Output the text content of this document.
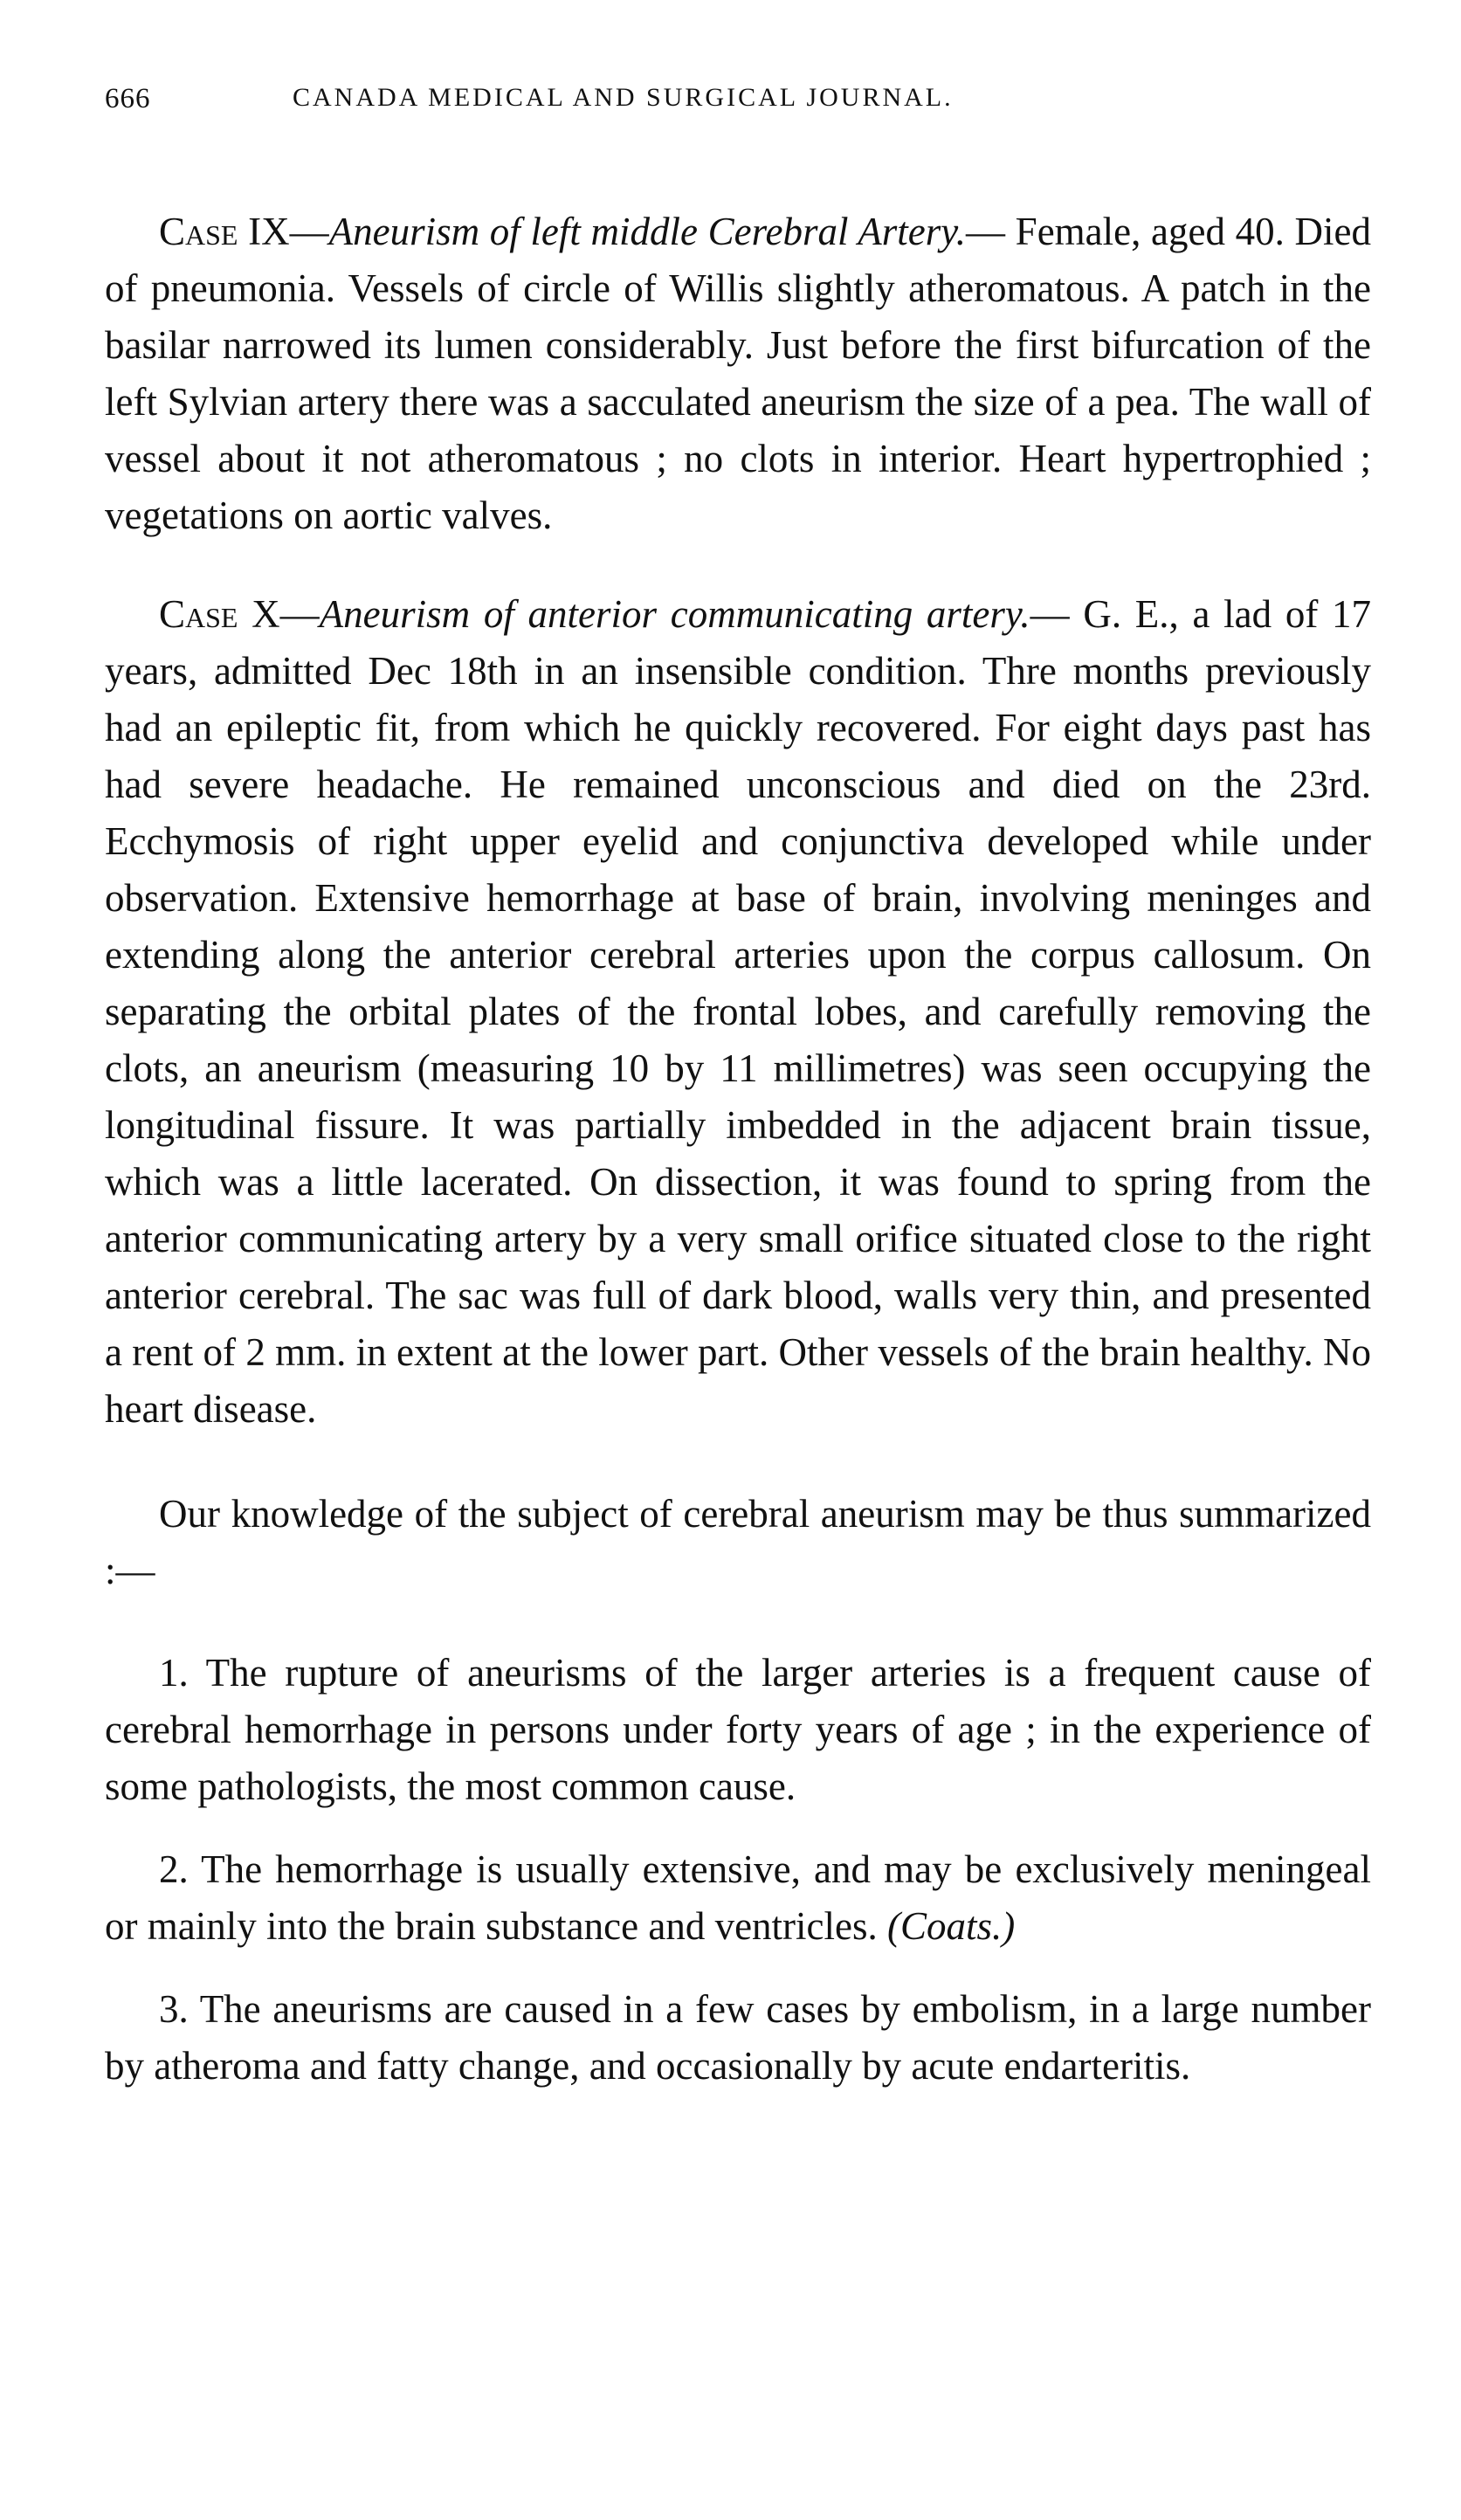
666	CANADA MEDICAL AND SURGICAL JOURNAL.

Case IX—Aneurism of left middle Cerebral Artery.— Female, aged 40. Died of pneumonia. Vessels of circle of Willis slightly atheromatous. A patch in the basilar narrowed its lumen considerably. Just before the first bifurcation of the left Sylvian artery there was a sacculated aneurism the size of a pea. The wall of vessel about it not atheromatous ; no clots in interior. Heart hypertrophied ; vegetations on aortic valves.

Case X—Aneurism of anterior communicating artery.— G. E., a lad of 17 years, admitted Dec 18th in an insensible condition. Thre months previously had an epileptic fit, from which he quickly recovered. For eight days past has had severe headache. He remained unconscious and died on the 23rd. Ecchymosis of right upper eyelid and conjunctiva developed while under observation. Extensive hemorrhage at base of brain, involving meninges and extending along the anterior cerebral arteries upon the corpus callosum. On separating the orbital plates of the frontal lobes, and carefully removing the clots, an aneurism (measuring 10 by 11 millimetres) was seen occupying the longitudinal fissure. It was partially imbedded in the adjacent brain tissue, which was a little lacerated. On dissection, it was found to spring from the anterior communicating artery by a very small orifice situated close to the right anterior cerebral. The sac was full of dark blood, walls very thin, and presented a rent of 2 mm. in extent at the lower part. Other vessels of the brain healthy. No heart disease.

Our knowledge of the subject of cerebral aneurism may be thus summarized :—

1. The rupture of aneurisms of the larger arteries is a frequent cause of cerebral hemorrhage in persons under forty years of age ; in the experience of some pathologists, the most common cause.

2. The hemorrhage is usually extensive, and may be exclusively meningeal or mainly into the brain substance and ventricles. (Coats.)

3. The aneurisms are caused in a few cases by embolism, in a large number by atheroma and fatty change, and occasionally by acute endarteritis.
